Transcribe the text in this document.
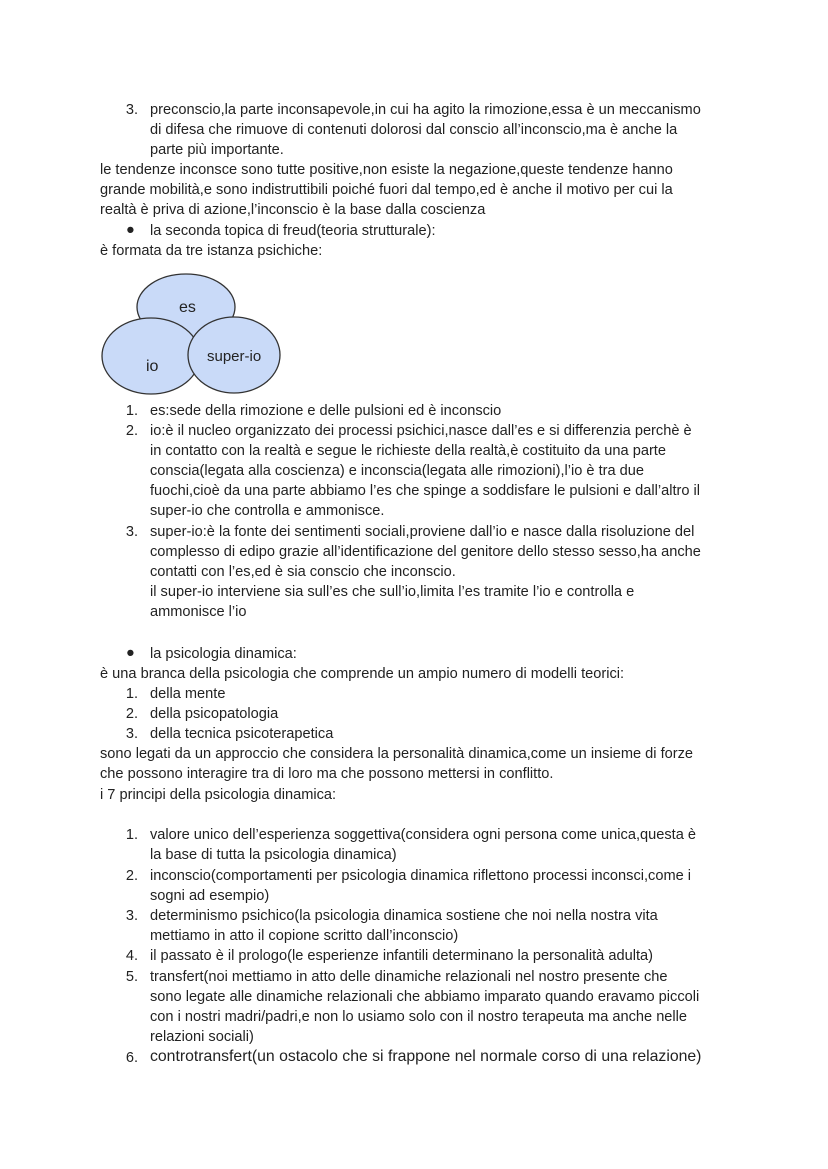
3. preconscio,la parte inconsapevole,in cui ha agito la rimozione,essa è un meccanismo
di difesa che rimuove di contenuti dolorosi dal conscio all’inconscio,ma è anche la
parte più importante.
le tendenze inconsce sono tutte positive,non esiste la negazione,queste tendenze hanno
grande mobilità,e sono indistruttibili poiché fuori dal tempo,ed è anche il motivo per cui la
realtà è priva di azione,l’inconscio è la base dalla coscienza
● la seconda topica di freud(teoria strutturale):
è formata da tre istanza psichiche:
es
io
super-io
1. es:sede della rimozione e delle pulsioni ed è inconscio
2. io:è il nucleo organizzato dei processi psichici,nasce dall’es e si differenzia perchè è
in contatto con la realtà e segue le richieste della realtà,è costituito da una parte
conscia(legata alla coscienza) e inconscia(legata alle rimozioni),l’io è tra due
fuochi,cioè da una parte abbiamo l’es che spinge a soddisfare le pulsioni e dall’altro il
super-io che controlla e ammonisce.
3. super-io:è la fonte dei sentimenti sociali,proviene dall’io e nasce dalla risoluzione del
complesso di edipo grazie all’identificazione del genitore dello stesso sesso,ha anche
contatti con l’es,ed è sia conscio che inconscio.
il super-io interviene sia sull’es che sull’io,limita l’es tramite l’io e controlla e
ammonisce l’io
● la psicologia dinamica:
è una branca della psicologia che comprende un ampio numero di modelli teorici:
1. della mente
2. della psicopatologia
3. della tecnica psicoterapetica
sono legati da un approccio che considera la personalità dinamica,come un insieme di forze
che possono interagire tra di loro ma che possono mettersi in conflitto.
i 7 principi della psicologia dinamica:
1. valore unico dell’esperienza soggettiva(considera ogni persona come unica,questa è
la base di tutta la psicologia dinamica)
2. inconscio(comportamenti per psicologia dinamica riflettono processi inconsci,come i
sogni ad esempio)
3. determinismo psichico(la psicologia dinamica sostiene che noi nella nostra vita
mettiamo in atto il copione scritto dall’inconscio)
4. il passato è il prologo(le esperienze infantili determinano la personalità adulta)
5. transfert(noi mettiamo in atto delle dinamiche relazionali nel nostro presente che
sono legate alle dinamiche relazionali che abbiamo imparato quando eravamo piccoli
con i nostri madri/padri,e non lo usiamo solo con il nostro terapeuta ma anche nelle
relazioni sociali)
6. controtransfert(un ostacolo che si frappone nel normale corso di una relazione)
